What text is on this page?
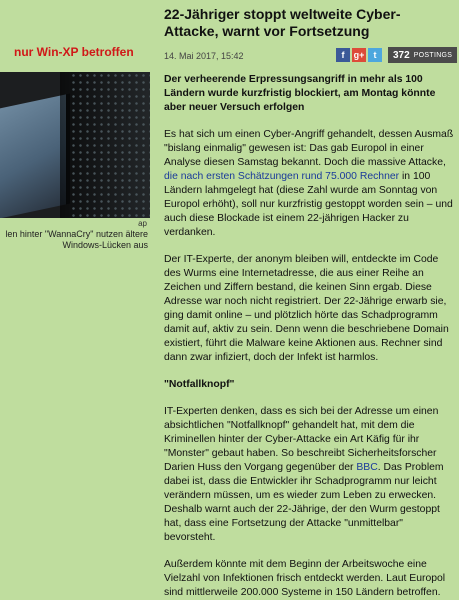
nur Win-XP betroffen
ap
len hinter "WannaCry" nutzen ältere Windows-Lücken aus
22-Jähriger stoppt weltweite Cyber-Attacke, warnt vor Fortsetzung
14. Mai 2017, 15:42	f	g+	t	372 POSTINGS

Der verheerende Erpressungsangriff in mehr als 100 Ländern wurde kurzfristig blockiert, am Montag könnte aber neuer Versuch erfolgen

Es hat sich um einen Cyber-Angriff gehandelt, dessen Ausmaß "bislang einmalig" gewesen ist: Das gab Europol in einer Analyse diesen Samstag bekannt. Doch die massive Attacke, die nach ersten Schätzungen rund 75.000 Rechner in 100 Ländern lahmgelegt hat (diese Zahl wurde am Sonntag von Europol erhöht), soll nur kurzfristig gestoppt worden sein – und auch diese Blockade ist einem 22-jährigen Hacker zu verdanken.

Der IT-Experte, der anonym bleiben will, entdeckte im Code des Wurms eine Internetadresse, die aus einer Reihe an Zeichen und Ziffern bestand, die keinen Sinn ergab. Diese Adresse war noch nicht registriert. Der 22-Jährige erwarb sie, ging damit online – und plötzlich hörte das Schadprogramm damit auf, aktiv zu sein. Denn wenn die beschriebene Domain existiert, führt die Malware keine Aktionen aus. Rechner sind dann zwar infiziert, doch der Infekt ist harmlos.

"Notfallknopf"

IT-Experten denken, dass es sich bei der Adresse um einen absichtlichen "Notfallknopf" gehandelt hat, mit dem die Kriminellen hinter der Cyber-Attacke ein Art Käfig für ihr "Monster" gebaut haben. So beschreibt Sicherheitsforscher Darien Huss den Vorgang gegenüber der BBC. Das Problem dabei ist, dass die Entwickler ihr Schadprogramm nur leicht verändern müssen, um es wieder zum Leben zu erwecken. Deshalb warnt auch der 22-Jährige, der den Wurm gestoppt hat, dass eine Fortsetzung der Attacke "unmittelbar" bevorsteht.

Außerdem könnte mit dem Beginn der Arbeitswoche eine Vielzahl von Infektionen frisch entdeckt werden. Laut Europol sind mittlerweile 200.000 Systeme in 150 Ländern betroffen.
